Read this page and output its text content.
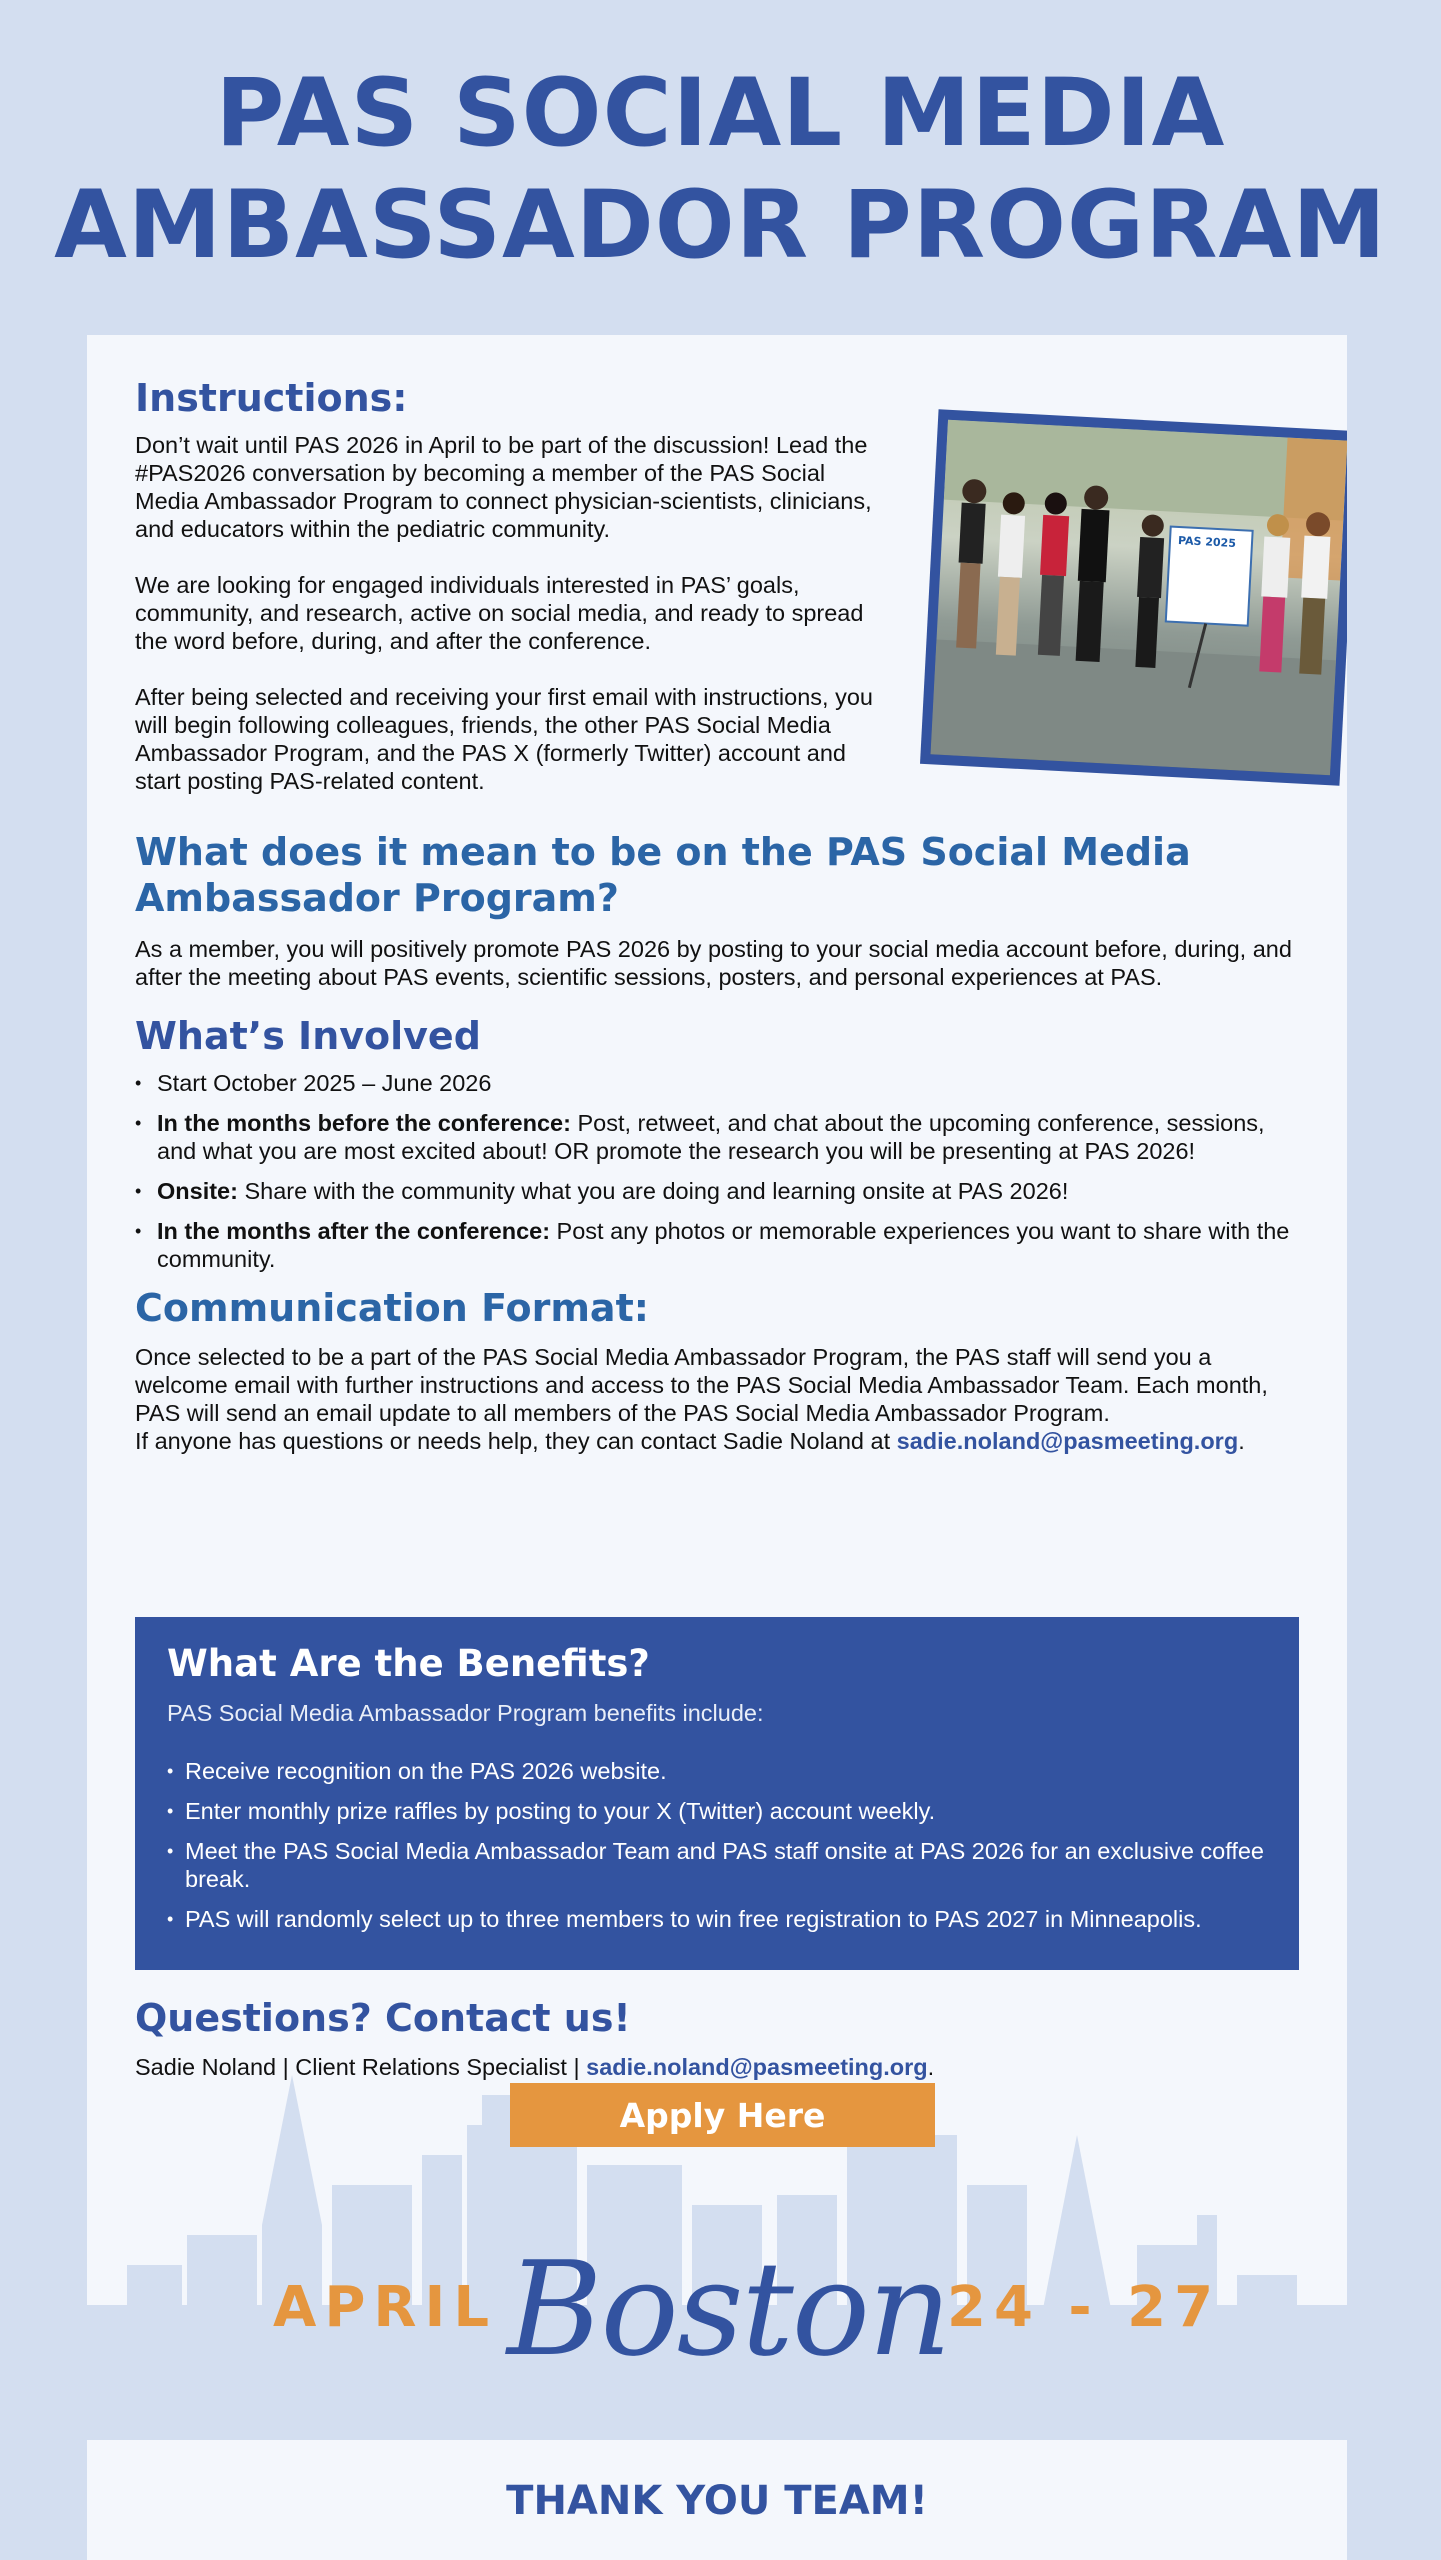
PAS SOCIAL MEDIA
AMBASSADOR PROGRAM
Instructions:

Don’t wait until PAS 2026 in April to be part of the discussion! Lead the #PAS2026 conversation by becoming a member of the PAS Social Media Ambassador Program to connect physician-scientists, clinicians, and educators within the pediatric community.

We are looking for engaged individuals interested in PAS’ goals, community, and research, active on social media, and ready to spread the word before, during, and after the conference.

After being selected and receiving your first email with instructions, you will begin following colleagues, friends, the other PAS Social Media Ambassador Program, and the PAS X (formerly Twitter) account and start posting PAS-related content.

What does it mean to be on the PAS Social Media Ambassador Program?

As a member, you will positively promote PAS 2026 by posting to your social media account before, during, and after the meeting about PAS events, scientific sessions, posters, and personal experiences at PAS.

What’s Involved
• Start October 2025 – June 2026
• In the months before the conference: Post, retweet, and chat about the upcoming conference, sessions, and what you are most excited about! OR promote the research you will be presenting at PAS 2026!
• Onsite: Share with the community what you are doing and learning onsite at PAS 2026!
• In the months after the conference: Post any photos or memorable experiences you want to share with the community.
Communication Format:

Once selected to be a part of the PAS Social Media Ambassador Program, the PAS staff will send you a welcome email with further instructions and access to the PAS Social Media Ambassador Team. Each month, PAS will send an email update to all members of the PAS Social Media Ambassador Program.

If anyone has questions or needs help, they can contact Sadie Noland at sadie.noland@pasmeeting.org.

What Are the Benefits?
PAS Social Media Ambassador Program benefits include:
• Receive recognition on the PAS 2026 website.
• Enter monthly prize raffles by posting to your X (Twitter) account weekly.
• Meet the PAS Social Media Ambassador Team and PAS staff onsite at PAS 2026 for an exclusive coffee break.
• PAS will randomly select up to three members to win free registration to PAS 2027 in Minneapolis.
Questions? Contact us!

Sadie Noland | Client Relations Specialist | sadie.noland@pasmeeting.org.

PAS 2025
Apply Here
APRIL Boston
24 - 27
THANK YOU TEAM!
